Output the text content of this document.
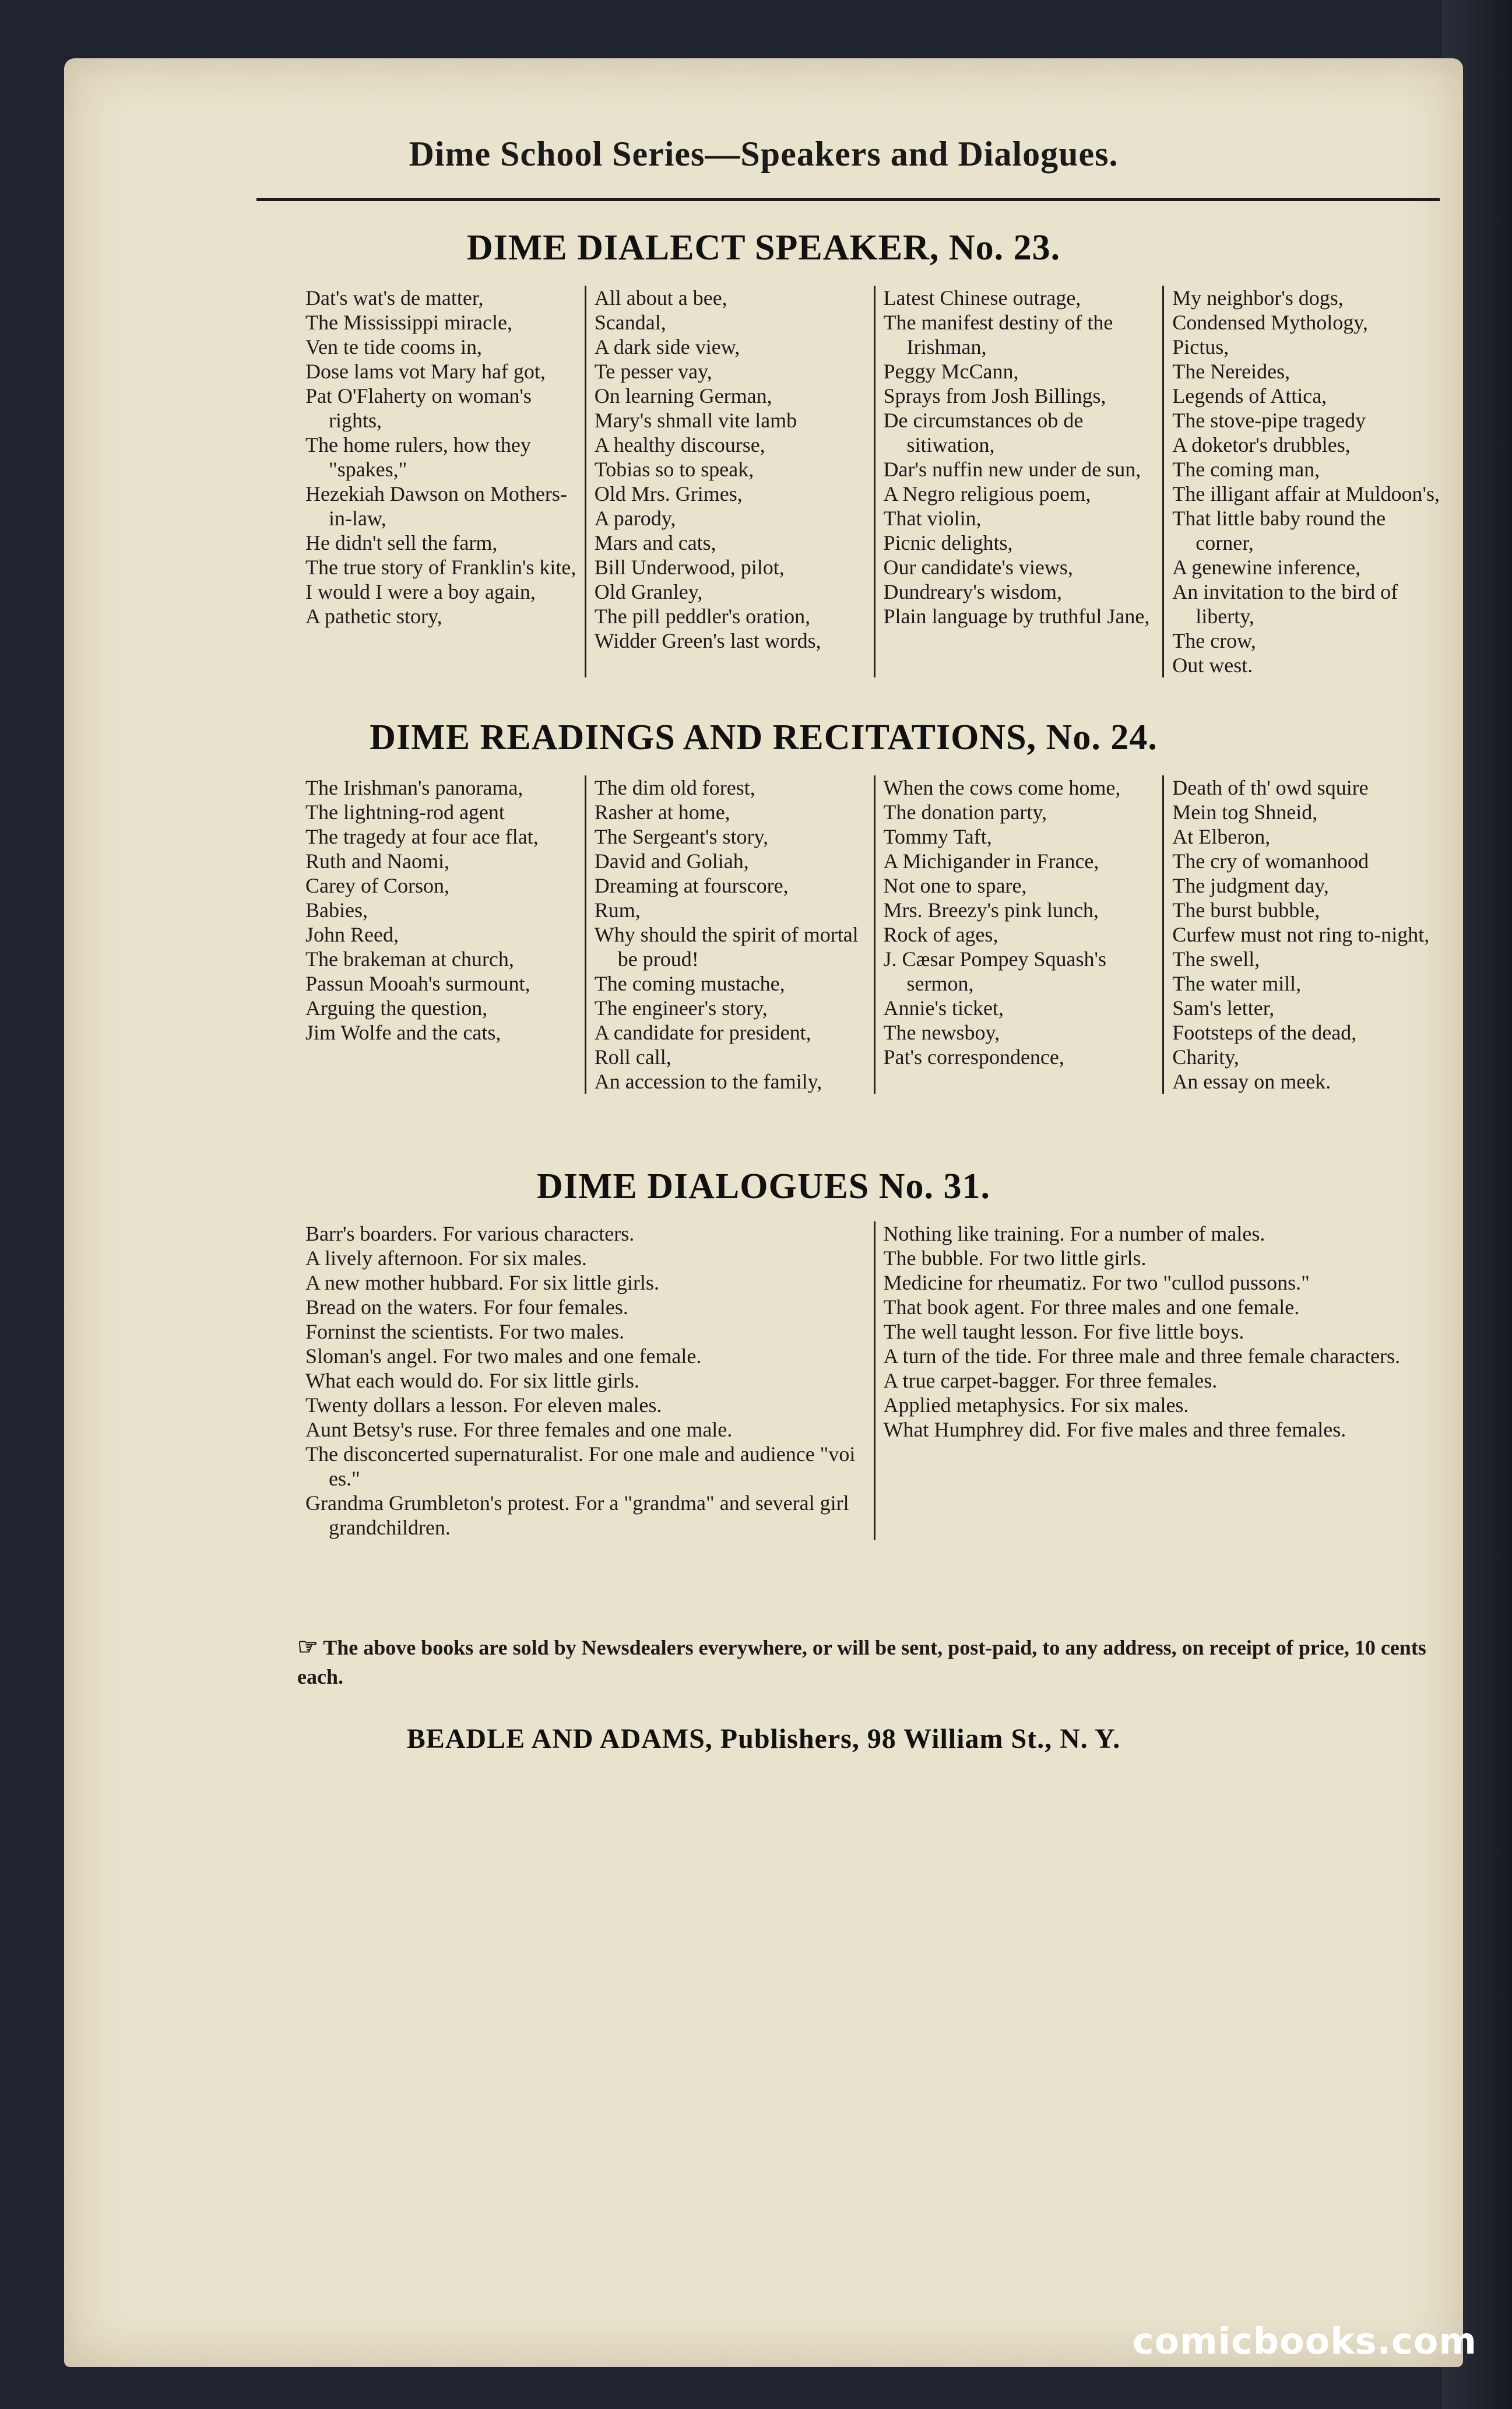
Dime School Series—Speakers and Dialogues.
DIME DIALECT SPEAKER, No. 23.
Dat's wat's de matter,
The Mississippi miracle,
Ven te tide cooms in,
Dose lams vot Mary haf got,
Pat O'Flaherty on woman's rights,
The home rulers, how they "spakes,"
Hezekiah Dawson on Mothers-in-law,
He didn't sell the farm,
The true story of Franklin's kite,
I would I were a boy again,
A pathetic story,
All about a bee,
Scandal,
A dark side view,
Te pesser vay,
On learning German,
Mary's shmall vite lamb
A healthy discourse,
Tobias so to speak,
Old Mrs. Grimes,
A parody,
Mars and cats,
Bill Underwood, pilot,
Old Granley,
The pill peddler's oration,
Widder Green's last words,
Latest Chinese outrage,
The manifest destiny of the Irishman,
Peggy McCann,
Sprays from Josh Billings,
De circumstances ob de sitiwation,
Dar's nuffin new under de sun,
A Negro religious poem,
That violin,
Picnic delights,
Our candidate's views,
Dundreary's wisdom,
Plain language by truthful Jane,
My neighbor's dogs,
Condensed Mythology,
Pictus,
The Nereides,
Legends of Attica,
The stove-pipe tragedy
A doketor's drubbles,
The coming man,
The illigant affair at Muldoon's,
That little baby round the corner,
A genewine inference,
An invitation to the bird of liberty,
The crow,
Out west.
DIME READINGS AND RECITATIONS, No. 24.
The Irishman's panorama,
The lightning-rod agent
The tragedy at four ace flat,
Ruth and Naomi,
Carey of Corson,
Babies,
John Reed,
The brakeman at church,
Passun Mooah's surmount,
Arguing the question,
Jim Wolfe and the cats,
The dim old forest,
Rasher at home,
The Sergeant's story,
David and Goliah,
Dreaming at fourscore,
Rum,
Why should the spirit of mortal be proud!
The coming mustache,
The engineer's story,
A candidate for president,
Roll call,
An accession to the family,
When the cows come home,
The donation party,
Tommy Taft,
A Michigander in France,
Not one to spare,
Mrs. Breezy's pink lunch,
Rock of ages,
J. Cæsar Pompey Squash's sermon,
Annie's ticket,
The newsboy,
Pat's correspondence,
Death of th' owd squire
Mein tog Shneid,
At Elberon,
The cry of womanhood
The judgment day,
The burst bubble,
Curfew must not ring to-night,
The swell,
The water mill,
Sam's letter,
Footsteps of the dead,
Charity,
An essay on meek.
DIME DIALOGUES No. 31.
Barr's boarders. For various characters.
A lively afternoon. For six males.
A new mother hubbard. For six little girls.
Bread on the waters. For four females.
Forninst the scientists. For two males.
Sloman's angel. For two males and one female.
What each would do. For six little girls.
Twenty dollars a lesson. For eleven males.
Aunt Betsy's ruse. For three females and one male.
The disconcerted supernaturalist. For one male and audience "voi es."
Grandma Grumbleton's protest. For a "grandma" and several girl grandchildren.
Nothing like training. For a number of males.
The bubble. For two little girls.
Medicine for rheumatiz. For two "cullod pussons."
That book agent. For three males and one female.
The well taught lesson. For five little boys.
A turn of the tide. For three male and three female characters.
A true carpet-bagger. For three females.
Applied metaphysics. For six males.
What Humphrey did. For five males and three females.
☞ The above books are sold by Newsdealers everywhere, or will be sent, post-paid, to any address, on receipt of price, 10 cents each.
BEADLE AND ADAMS, Publishers, 98 William St., N. Y.
comicbooks.com
